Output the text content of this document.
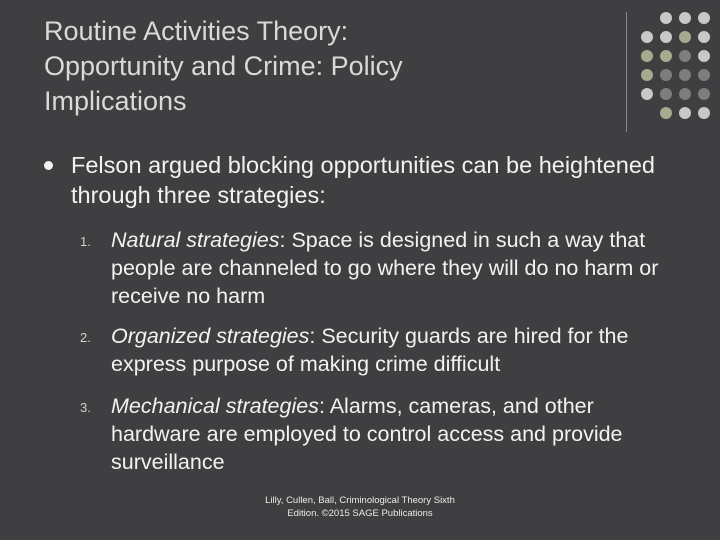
Routine Activities Theory:
Opportunity and Crime: Policy
Implications
Felson argued blocking opportunities can be heightened through three strategies:
1. Natural strategies: Space is designed in such a way that people are channeled to go where they will do no harm or receive no harm
2. Organized strategies: Security guards are hired for the express purpose of making crime difficult
3. Mechanical strategies: Alarms, cameras, and other hardware are employed to control access and provide surveillance
Lilly, Cullen, Ball, Criminological Theory Sixth
Edition. ©2015 SAGE Publications
